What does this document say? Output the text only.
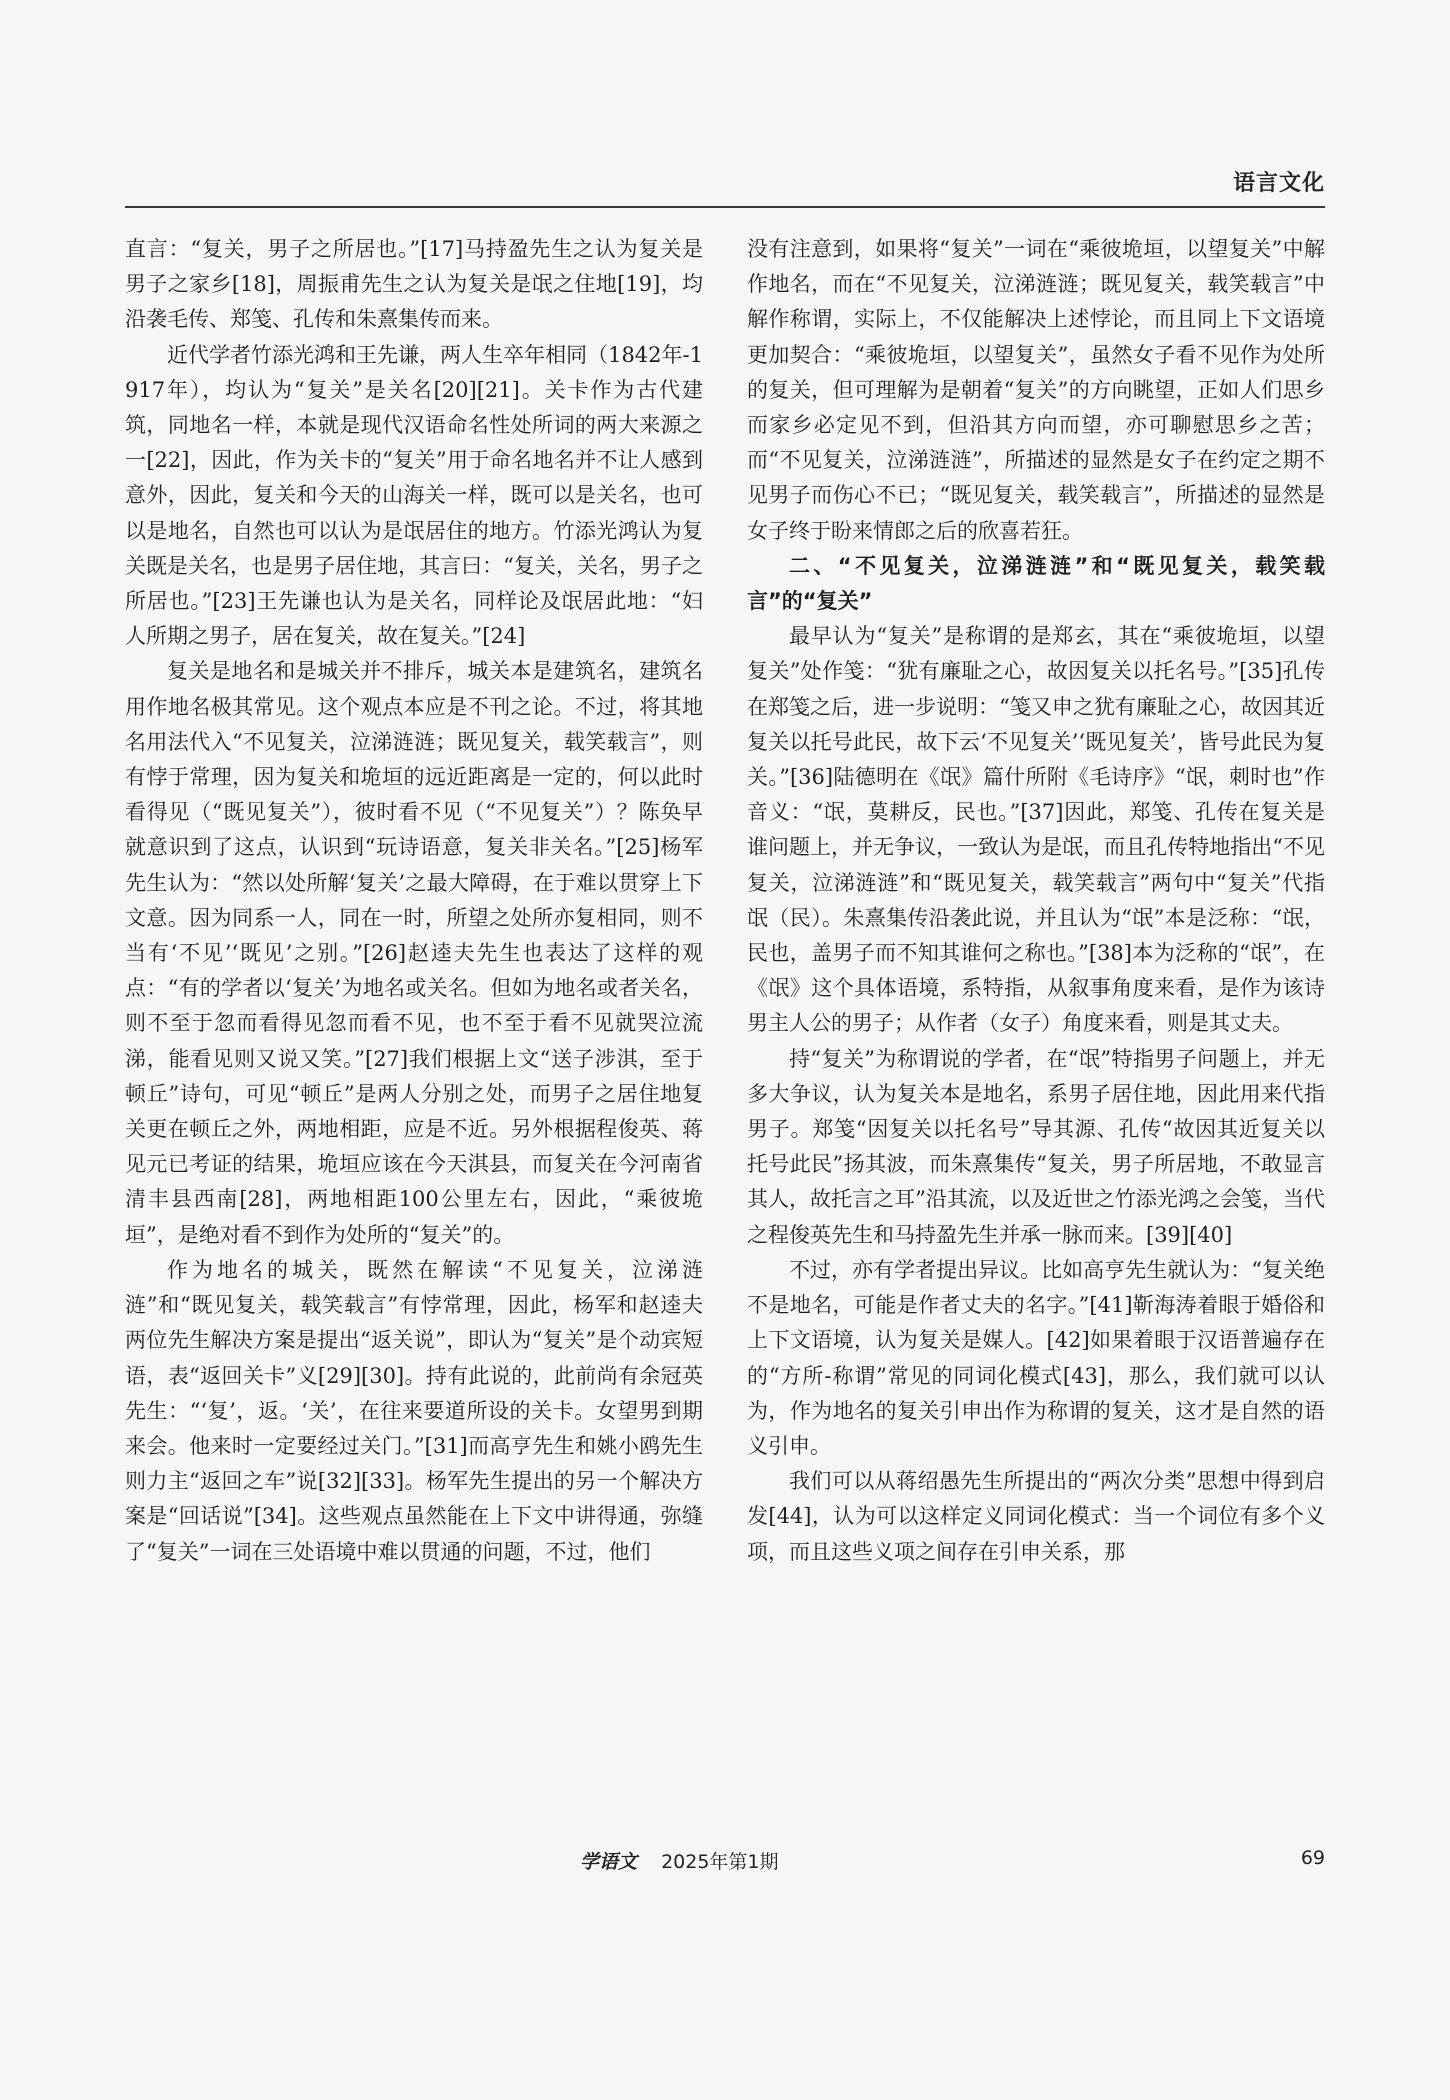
语言文化

直言：“复关，男子之所居也。”[17]马持盈先生之认为复关是男子之家乡[18]，周振甫先生之认为复关是氓之住地[19]，均沿袭毛传、郑笺、孔传和朱熹集传而来。

近代学者竹添光鸿和王先谦，两人生卒年相同（1842年-1917年），均认为“复关”是关名[20][21]。关卡作为古代建筑，同地名一样，本就是现代汉语命名性处所词的两大来源之一[22]，因此，作为关卡的“复关”用于命名地名并不让人感到意外，因此，复关和今天的山海关一样，既可以是关名，也可以是地名，自然也可以认为是氓居住的地方。竹添光鸿认为复关既是关名，也是男子居住地，其言曰：“复关，关名，男子之所居也。”[23]王先谦也认为是关名，同样论及氓居此地：“妇人所期之男子，居在复关，故在复关。”[24]

复关是地名和是城关并不排斥，城关本是建筑名，建筑名用作地名极其常见。这个观点本应是不刊之论。不过，将其地名用法代入“不见复关，泣涕涟涟；既见复关，载笑载言”，则有悖于常理，因为复关和垝垣的远近距离是一定的，何以此时看得见（“既见复关”），彼时看不见（“不见复关”）？陈奂早就意识到了这点，认识到“玩诗语意，复关非关名。”[25]杨军先生认为：“然以处所解‘复关’之最大障碍，在于难以贯穿上下文意。因为同系一人，同在一时，所望之处所亦复相同，则不当有‘不见’‘既见’之别。”[26]赵逵夫先生也表达了这样的观点：“有的学者以‘复关’为地名或关名。但如为地名或者关名，则不至于忽而看得见忽而看不见，也不至于看不见就哭泣流涕，能看见则又说又笑。”[27]我们根据上文“送子涉淇，至于顿丘”诗句，可见“顿丘”是两人分别之处，而男子之居住地复关更在顿丘之外，两地相距，应是不近。另外根据程俊英、蒋见元已考证的结果，垝垣应该在今天淇县，而复关在今河南省清丰县西南[28]，两地相距100公里左右，因此，“乘彼垝垣”，是绝对看不到作为处所的“复关”的。

作为地名的城关，既然在解读“不见复关，泣涕涟涟”和“既见复关，载笑载言”有悖常理，因此，杨军和赵逵夫两位先生解决方案是提出“返关说”，即认为“复关”是个动宾短语，表“返回关卡”义[29][30]。持有此说的，此前尚有余冠英先生：“‘复’，返。‘关’，在往来要道所设的关卡。女望男到期来会。他来时一定要经过关门。”[31]而高亨先生和姚小鸥先生则力主“返回之车”说[32][33]。杨军先生提出的另一个解决方案是“回话说”[34]。这些观点虽然能在上下文中讲得通，弥缝了“复关”一词在三处语境中难以贯通的问题，不过，他们

没有注意到，如果将“复关”一词在“乘彼垝垣，以望复关”中解作地名，而在“不见复关，泣涕涟涟；既见复关，载笑载言”中解作称谓，实际上，不仅能解决上述悖论，而且同上下文语境更加契合：“乘彼垝垣，以望复关”，虽然女子看不见作为处所的复关，但可理解为是朝着“复关”的方向眺望，正如人们思乡而家乡必定见不到，但沿其方向而望，亦可聊慰思乡之苦；而“不见复关，泣涕涟涟”，所描述的显然是女子在约定之期不见男子而伤心不已；“既见复关，载笑载言”，所描述的显然是女子终于盼来情郎之后的欣喜若狂。

二、“不见复关，泣涕涟涟”和“既见复关，载笑载言”的“复关”

最早认为“复关”是称谓的是郑玄，其在“乘彼垝垣，以望复关”处作笺：“犹有廉耻之心，故因复关以托名号。”[35]孔传在郑笺之后，进一步说明：“笺又申之犹有廉耻之心，故因其近复关以托号此民，故下云‘不见复关’‘既见复关’，皆号此民为复关。”[36]陆德明在《氓》篇什所附《毛诗序》“氓，刺时也”作音义：“氓，莫耕反，民也。”[37]因此，郑笺、孔传在复关是谁问题上，并无争议，一致认为是氓，而且孔传特地指出“不见复关，泣涕涟涟”和“既见复关，载笑载言”两句中“复关”代指氓（民）。朱熹集传沿袭此说，并且认为“氓”本是泛称：“氓，民也，盖男子而不知其谁何之称也。”[38]本为泛称的“氓”，在《氓》这个具体语境，系特指，从叙事角度来看，是作为该诗男主人公的男子；从作者（女子）角度来看，则是其丈夫。

持“复关”为称谓说的学者，在“氓”特指男子问题上，并无多大争议，认为复关本是地名，系男子居住地，因此用来代指男子。郑笺“因复关以托名号”导其源、孔传“故因其近复关以托号此民”扬其波，而朱熹集传“复关，男子所居地，不敢显言其人，故托言之耳”沿其流，以及近世之竹添光鸿之会笺，当代之程俊英先生和马持盈先生并承一脉而来。[39][40]

不过，亦有学者提出异议。比如高亨先生就认为：“复关绝不是地名，可能是作者丈夫的名字。”[41]靳海涛着眼于婚俗和上下文语境，认为复关是媒人。[42]如果着眼于汉语普遍存在的“方所-称谓”常见的同词化模式[43]，那么，我们就可以认为，作为地名的复关引申出作为称谓的复关，这才是自然的语义引申。

我们可以从蒋绍愚先生所提出的“两次分类”思想中得到启发[44]，认为可以这样定义同词化模式：当一个词位有多个义项，而且这些义项之间存在引申关系，那

学语文 2025年第1期	69
